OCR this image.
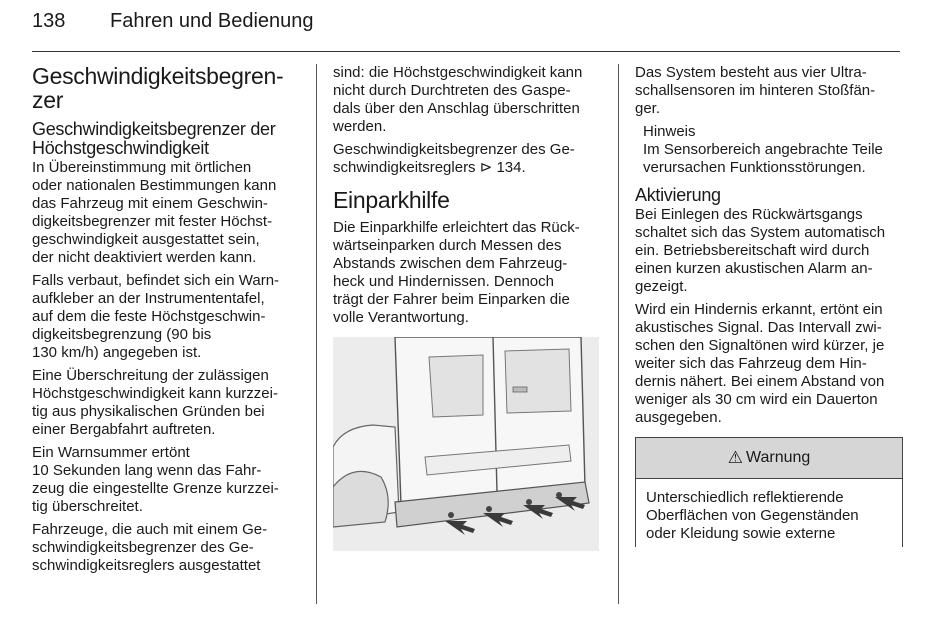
138 Fahren und Bedienung
Geschwindigkeitsbegren-
zer
Geschwindigkeitsbegrenzer der
Höchstgeschwindigkeit

In Übereinstimmung mit örtlichen
oder nationalen Bestimmungen kann
das Fahrzeug mit einem Geschwin-
digkeitsbegrenzer mit fester Höchst-
geschwindigkeit ausgestattet sein,
der nicht deaktiviert werden kann.

Falls verbaut, befindet sich ein Warn-
aufkleber an der Instrumententafel,
auf dem die feste Höchstgeschwin-
digkeitsbegrenzung (90 bis
130 km/h) angegeben ist.

Eine Überschreitung der zulässigen
Höchstgeschwindigkeit kann kurzzei-
tig aus physikalischen Gründen bei
einer Bergabfahrt auftreten.

Ein Warnsummer ertönt
10 Sekunden lang wenn das Fahr-
zeug die eingestellte Grenze kurzzei-
tig überschreitet.

Fahrzeuge, die auch mit einem Ge-
schwindigkeitsbegrenzer des Ge-
schwindigkeitsreglers ausgestattet

sind: die Höchstgeschwindigkeit kann
nicht durch Durchtreten des Gaspe-
dals über den Anschlag überschritten
werden.

Geschwindigkeitsbegrenzer des Ge-
schwindigkeitsreglers ⊳ 134.

Einparkhilfe

Die Einparkhilfe erleichtert das Rück-
wärtseinparken durch Messen des
Abstands zwischen dem Fahrzeug-
heck und Hindernissen. Dennoch
trägt der Fahrer beim Einparken die
volle Verantwortung.

Das System besteht aus vier Ultra-
schallsensoren im hinteren Stoßfän-
ger.

Hinweis

Im Sensorbereich angebrachte Teile
verursachen Funktionsstörungen.

Aktivierung

Bei Einlegen des Rückwärtsgangs
schaltet sich das System automatisch
ein. Betriebsbereitschaft wird durch
einen kurzen akustischen Alarm an-
gezeigt.

Wird ein Hindernis erkannt, ertönt ein
akustisches Signal. Das Intervall zwi-
schen den Signaltönen wird kürzer, je
weiter sich das Fahrzeug dem Hin-
dernis nähert. Bei einem Abstand von
weniger als 30 cm wird ein Dauerton
ausgegeben.

⚠ Warnung
Unterschiedlich reflektierende
Oberflächen von Gegenständen
oder Kleidung sowie externe
